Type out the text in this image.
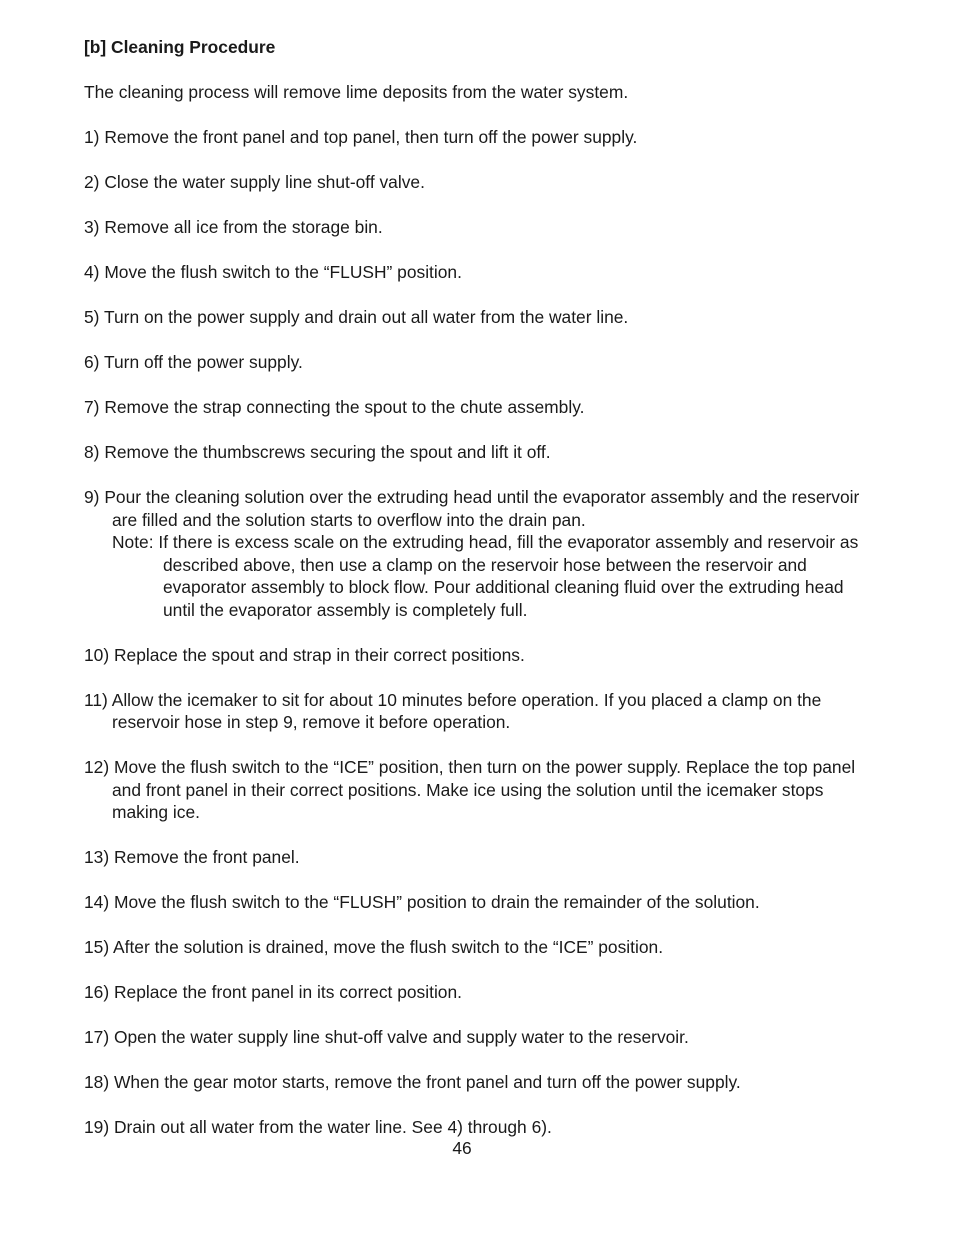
[b] Cleaning Procedure
The cleaning process will remove lime deposits from the water system.
1) Remove the front panel and top panel, then turn off the power supply.
2) Close the water supply line shut-off valve.
3) Remove all ice from the storage bin.
4) Move the flush switch to the “FLUSH” position.
5) Turn on the power supply and drain out all water from the water line.
6) Turn off the power supply.
7) Remove the strap connecting the spout to the chute assembly.
8) Remove the thumbscrews securing the spout and lift it off.
9) Pour the cleaning solution over the extruding head until the evaporator assembly and the reservoir are filled and the solution starts to overflow into the drain pan.
Note: If there is excess scale on the extruding head, fill the evaporator assembly and reservoir as described above, then use a clamp on the reservoir hose between the reservoir and evaporator assembly to block flow. Pour additional cleaning fluid over the extruding head until the evaporator assembly is completely full.
10) Replace the spout and strap in their correct positions.
11) Allow the icemaker to sit for about 10 minutes before operation. If you placed a clamp on the reservoir hose in step 9, remove it before operation.
12) Move the flush switch to the “ICE” position, then turn on the power supply. Replace the top panel and front panel in their correct positions. Make ice using the solution until the icemaker stops making ice.
13) Remove the front panel.
14) Move the flush switch to the “FLUSH” position to drain the remainder of the solution.
15) After the solution is drained, move the flush switch to the “ICE” position.
16) Replace the front panel in its correct position.
17) Open the water supply line shut-off valve and supply water to the reservoir.
18) When the gear motor starts, remove the front panel and turn off the power supply.
19) Drain out all water from the water line. See 4) through 6).
46
